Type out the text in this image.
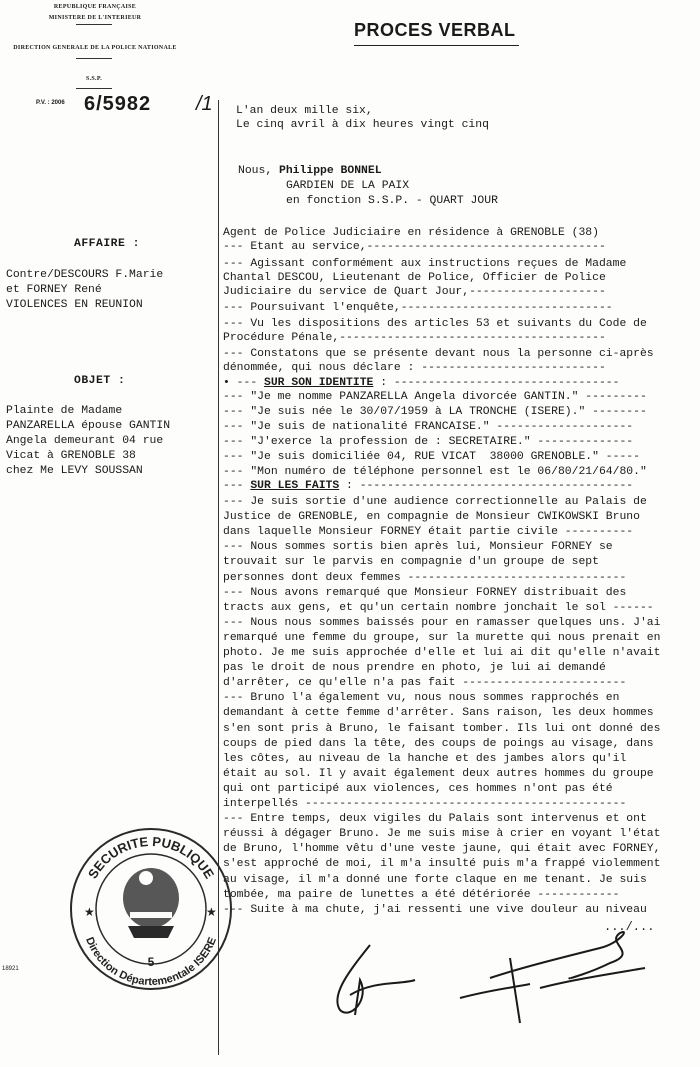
REPUBLIQUE FRANÇAISE
MINISTERE DE L'INTERIEUR
DIRECTION GENERALE DE LA POLICE NATIONALE
S.S.P.
P.V. : 2006 6/5982 /1
PROCES VERBAL
L'an deux mille six,
Le cinq avril à dix heures vingt cinq
Nous, Philippe BONNEL
GARDIEN DE LA PAIX
en fonction S.S.P. - QUART JOUR
AFFAIRE :
Contre/DESCOURS F.Marie
et FORNEY René
VIOLENCES EN REUNION
OBJET :
Plainte de Madame
PANZARELLA épouse GANTIN
Angela demeurant 04 rue
Vicat à GRENOBLE 38
chez Me LEVY SOUSSAN
Agent de Police Judiciaire en résidence à GRENOBLE (38)
--- Etant au service,-----------------------------------
--- Agissant conformément aux instructions reçues de Madame
Chantal DESCOU, Lieutenant de Police, Officier de Police
Judiciaire du service de Quart Jour,--------------------
--- Poursuivant l'enquête,-------------------------------
--- Vu les dispositions des articles 53 et suivants du Code de
Procédure Pénale,---------------------------------------
--- Constatons que se présente devant nous la personne ci-après
dénommée, qui nous déclare : ---------------------------
• --- SUR SON IDENTITE : ---------------------------------
--- "Je me nomme PANZARELLA Angela divorcée GANTIN." ---------
--- "Je suis née le 30/07/1959 à LA TRONCHE (ISERE)." --------
--- "Je suis de nationalité FRANCAISE." --------------------
--- "J'exerce la profession de : SECRETAIRE." --------------
--- "Je suis domiciliée 04, RUE VICAT  38000 GRENOBLE." -----
--- "Mon numéro de téléphone personnel est le 06/80/21/64/80."
--- SUR LES FAITS : ----------------------------------------
--- Je suis sortie d'une audience correctionnelle au Palais de
Justice de GRENOBLE, en compagnie de Monsieur CWIKOWSKI Bruno
dans laquelle Monsieur FORNEY était partie civile ----------
--- Nous sommes sortis bien après lui, Monsieur FORNEY se
trouvait sur le parvis en compagnie d'un groupe de sept
personnes dont deux femmes --------------------------------
--- Nous avons remarqué que Monsieur FORNEY distribuait des
tracts aux gens, et qu'un certain nombre jonchait le sol ------
--- Nous nous sommes baissés pour en ramasser quelques uns. J'ai
remarqué une femme du groupe, sur la murette qui nous prenait en
photo. Je me suis approchée d'elle et lui ai dit qu'elle n'avait
pas le droit de nous prendre en photo, je lui ai demandé
d'arrêter, ce qu'elle n'a pas fait ------------------------
--- Bruno l'a également vu, nous nous sommes rapprochés en
demandant à cette femme d'arrêter. Sans raison, les deux hommes
s'en sont pris à Bruno, le faisant tomber. Ils lui ont donné des
coups de pied dans la tête, des coups de poings au visage, dans
les côtes, au niveau de la hanche et des jambes alors qu'il
était au sol. Il y avait également deux autres hommes du groupe
qui ont participé aux violences, ces hommes n'ont pas été
interpellés -----------------------------------------------
--- Entre temps, deux vigiles du Palais sont intervenus et ont
réussi à dégager Bruno. Je me suis mise à crier en voyant l'état
de Bruno, l'homme vêtu d'une veste jaune, qui était avec FORNEY,
s'est approché de moi, il m'a insulté puis m'a frappé violemment
au visage, il m'a donné une forte claque en me tenant. Je suis
tombée, ma paire de lunettes a été détériorée ------------
--- Suite à ma chute, j'ai ressenti une vive douleur au niveau
SECURITE PUBLIQUE
Direction Départementale ISERE
★	★
5
.../...
18921
